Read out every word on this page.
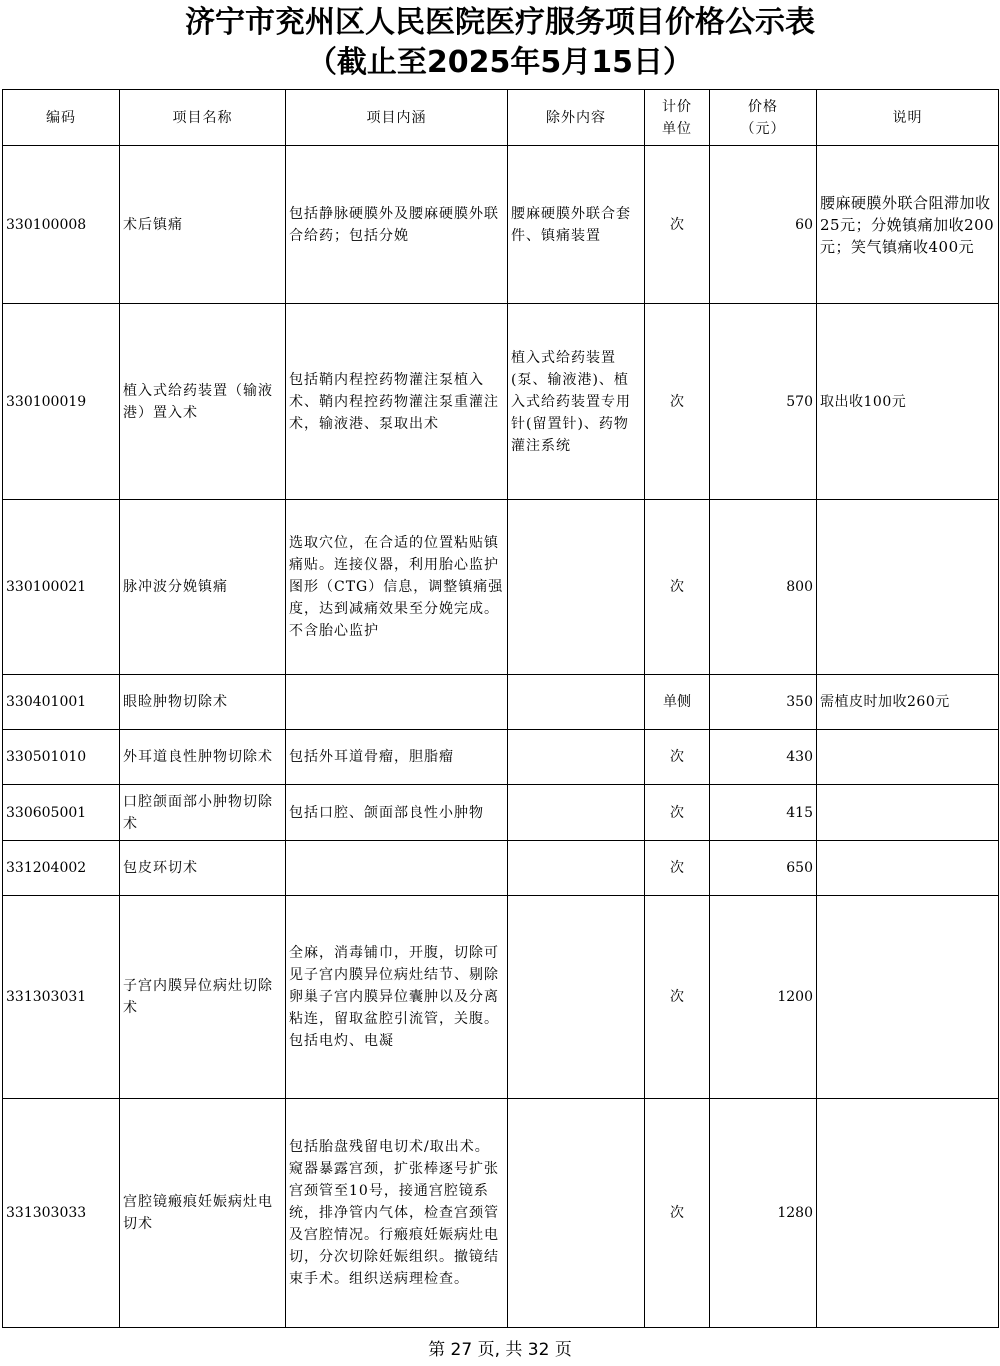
济宁市兖州区人民医院医疗服务项目价格公示表
（截止至2025年5月15日）
编码	项目名称	项目内涵	除外内容	计价单位	价格（元）	说明
330100008	术后镇痛	包括静脉硬膜外及腰麻硬膜外联合给药；包括分娩	腰麻硬膜外联合套件、镇痛装置	次	60	腰麻硬膜外联合阻滞加收25元；分娩镇痛加收200元；笑气镇痛收400元
330100019	植入式给药装置（输液港）置入术	包括鞘内程控药物灌注泵植入术、鞘内程控药物灌注泵重灌注术，输液港、泵取出术	植入式给药装置(泵、输液港)、植入式给药装置专用针(留置针)、药物灌注系统	次	570	取出收100元
330100021	脉冲波分娩镇痛	选取穴位，在合适的位置粘贴镇痛贴。连接仪器，利用胎心监护图形（CTG）信息，调整镇痛强度，达到减痛效果至分娩完成。不含胎心监护		次	800	
330401001	眼睑肿物切除术			单侧	350	需植皮时加收260元
330501010	外耳道良性肿物切除术	包括外耳道骨瘤，胆脂瘤		次	430	
330605001	口腔颌面部小肿物切除术	包括口腔、颌面部良性小肿物		次	415	
331204002	包皮环切术			次	650	
331303031	子宫内膜异位病灶切除术	全麻，消毒铺巾，开腹，切除可见子宫内膜异位病灶结节、剔除卵巢子宫内膜异位囊肿以及分离粘连，留取盆腔引流管，关腹。包括电灼、电凝		次	1200	
331303033	宫腔镜瘢痕妊娠病灶电切术	包括胎盘残留电切术/取出术。窥器暴露宫颈，扩张棒逐号扩张宫颈管至10号，接通宫腔镜系统，排净管内气体，检查宫颈管及宫腔情况。行瘢痕妊娠病灶电切，分次切除妊娠组织。撤镜结束手术。组织送病理检查。		次	1280	
第 27 页, 共 32 页
